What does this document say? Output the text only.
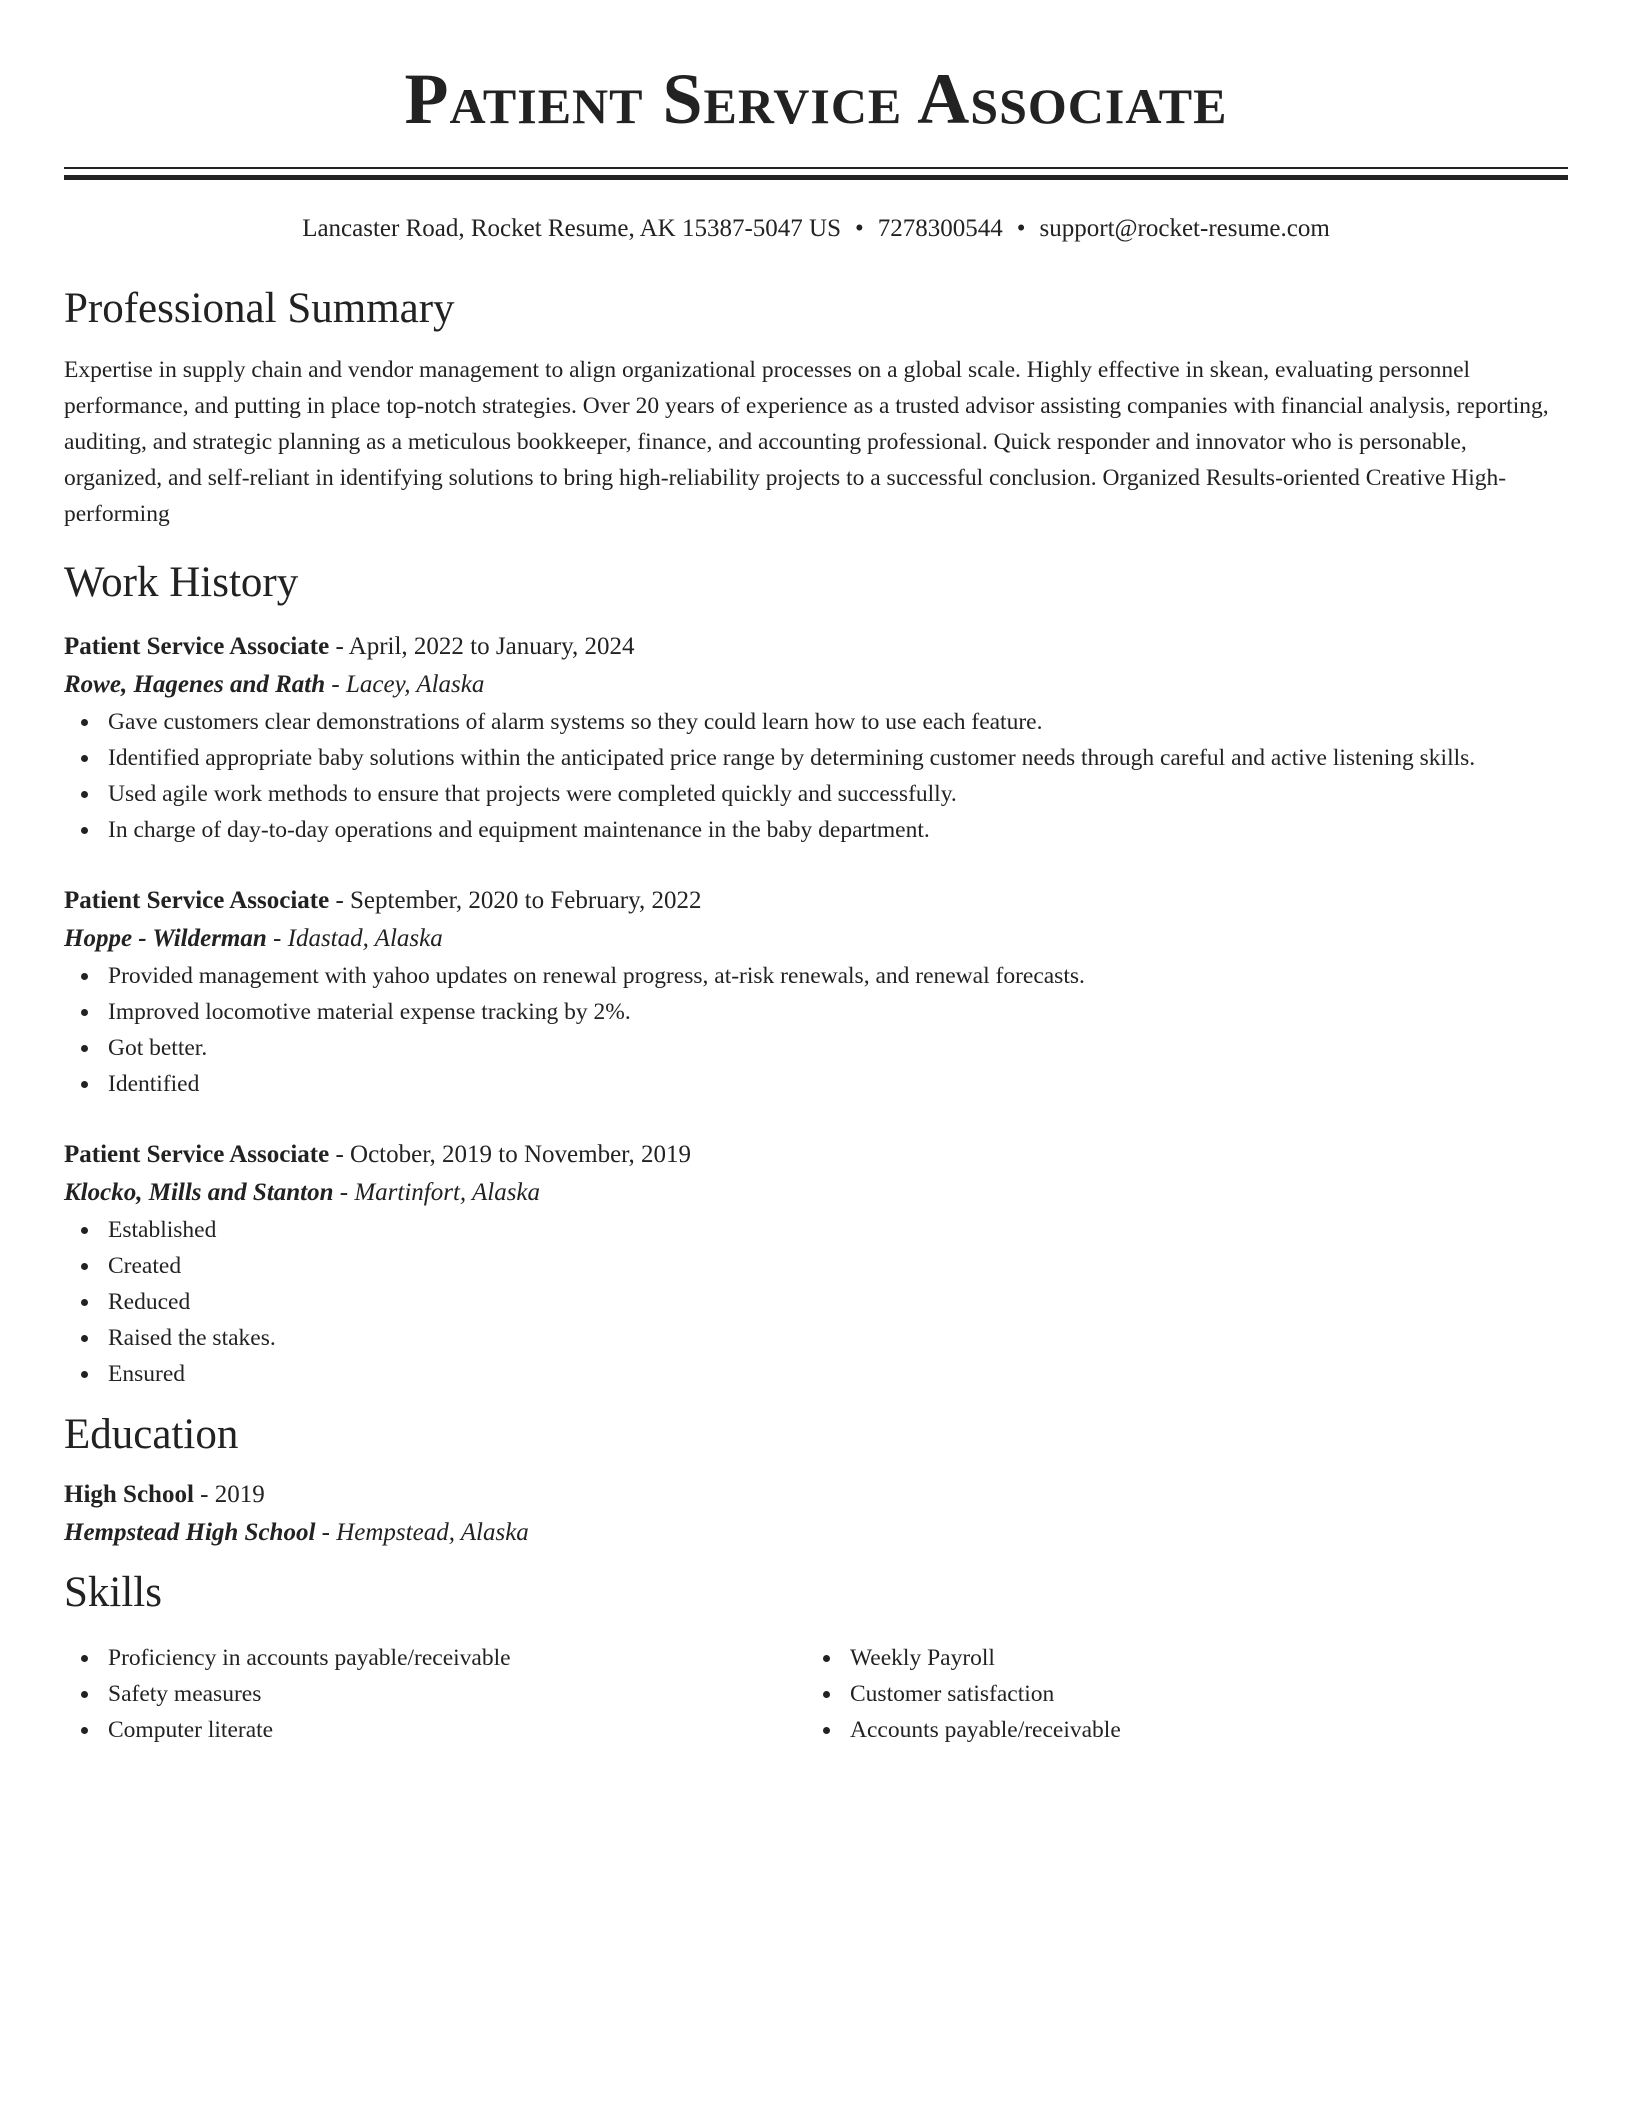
Patient Service Associate
Lancaster Road, Rocket Resume, AK 15387-5047 US • 7278300544 • support@rocket-resume.com
Professional Summary
Expertise in supply chain and vendor management to align organizational processes on a global scale. Highly effective in skean, evaluating personnel performance, and putting in place top-notch strategies. Over 20 years of experience as a trusted advisor assisting companies with financial analysis, reporting, auditing, and strategic planning as a meticulous bookkeeper, finance, and accounting professional. Quick responder and innovator who is personable, organized, and self-reliant in identifying solutions to bring high-reliability projects to a successful conclusion. Organized Results-oriented Creative High-performing
Work History
Patient Service Associate - April, 2022 to January, 2024
Rowe, Hagenes and Rath - Lacey, Alaska
Gave customers clear demonstrations of alarm systems so they could learn how to use each feature.
Identified appropriate baby solutions within the anticipated price range by determining customer needs through careful and active listening skills.
Used agile work methods to ensure that projects were completed quickly and successfully.
In charge of day-to-day operations and equipment maintenance in the baby department.
Patient Service Associate - September, 2020 to February, 2022
Hoppe - Wilderman - Idastad, Alaska
Provided management with yahoo updates on renewal progress, at-risk renewals, and renewal forecasts.
Improved locomotive material expense tracking by 2%.
Got better.
Identified
Patient Service Associate - October, 2019 to November, 2019
Klocko, Mills and Stanton - Martinfort, Alaska
Established
Created
Reduced
Raised the stakes.
Ensured
Education
High School - 2019
Hempstead High School - Hempstead, Alaska
Skills
Proficiency in accounts payable/receivable
Safety measures
Computer literate
Weekly Payroll
Customer satisfaction
Accounts payable/receivable
